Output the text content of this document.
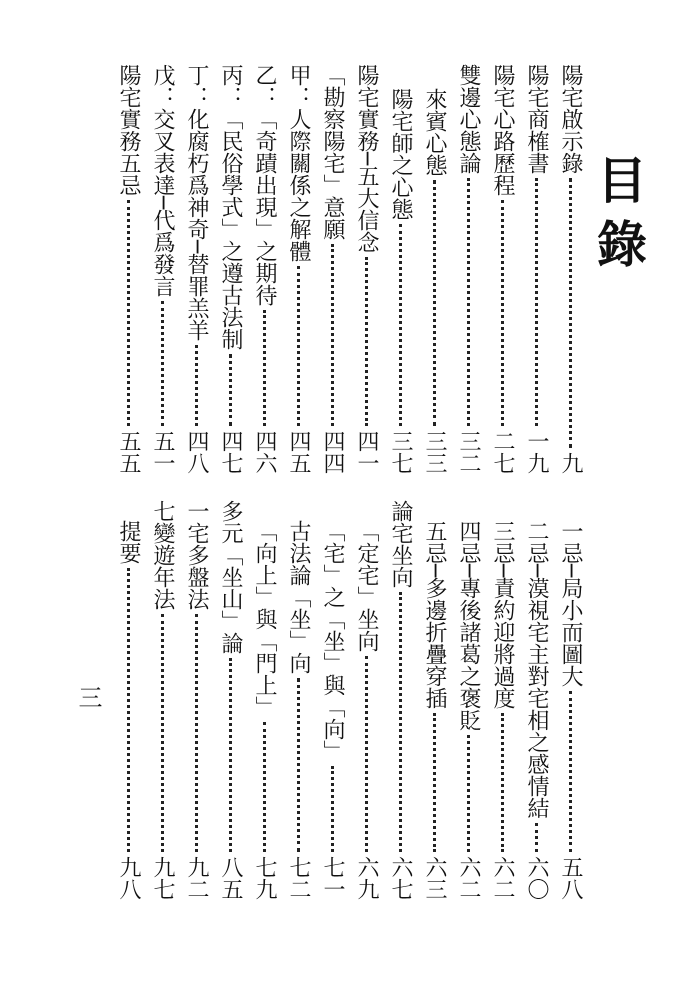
目錄
陽宅啟示錄
九
陽宅商榷書
一九
陽宅心路歷程
二七
雙邊心態論
三二
來賓心態
三三
陽宅師之心態
三七
陽宅實務─五大信念
四一
「勘察陽宅」意願
四四
甲：人際關係之解體
四五
乙：「奇蹟出現」之期待
四六
丙：「民俗學式」之遵古法制
四七
丁：化腐朽爲神奇─替罪羔羊
四八
戊：交叉表達─代爲發言
五一
陽宅實務五忌
五五
一忌─局小而圖大
五八
二忌─漠視宅主對宅相之感情結
六〇
三忌─責約迎將過度
六二
四忌─專後諸葛之褒貶
六二
五忌─多邊折疊穿插
六三
論宅坐向
六七
「定宅」坐向
六九
「宅」之「坐」與「向」
七一
古法論「坐」向
七二
「向上」與「門上」
七九
多元「坐山」論
八五
一宅多盤法
九二
七變遊年法
九七
提要
九八
三
